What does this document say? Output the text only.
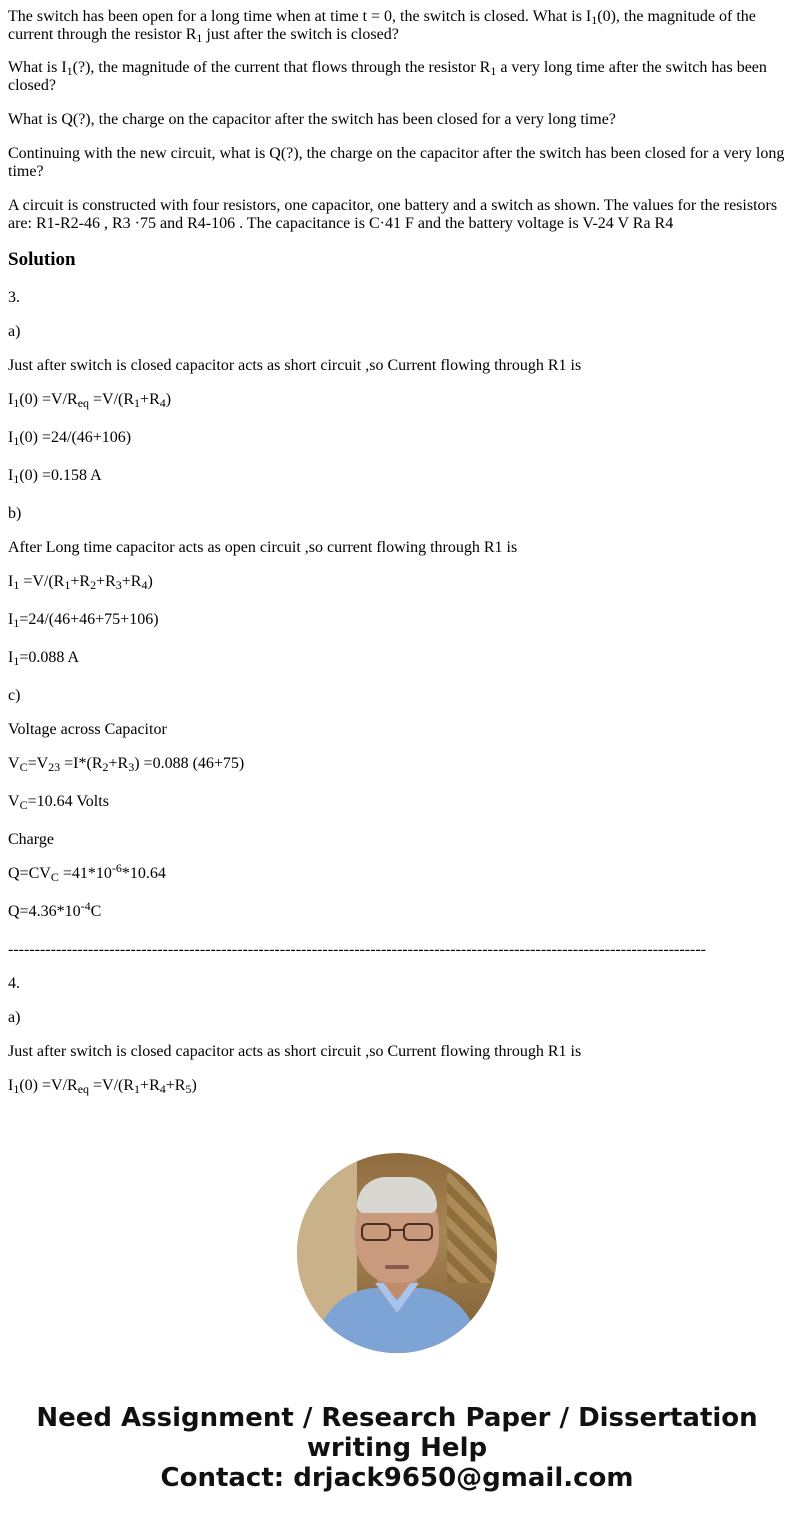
The switch has been open for a long time when at time t = 0, the switch is closed. What is $I_1(0)$, the magnitude of the current through the resistor $R_1$ just after the switch is closed?

What is $I_1(?)$, the magnitude of the current that flows through the resistor $R_1$ a very long time after the switch has been closed?

What is Q(?), the charge on the capacitor after the switch has been closed for a very long time?

Continuing with the new circuit, what is Q(?), the charge on the capacitor after the switch has been closed for a very long time?

A circuit is constructed with four resistors, one capacitor, one battery and a switch as shown. The values for the resistors are: R1-R2-46 , R3 ·75 and R4-106 . The capacitance is C·41 F and the battery voltage is V-24 V Ra R4

Solution

3.

a)

Just after switch is closed capacitor acts as short circuit ,so Current flowing through R1 is

$I_1(0) =V/R_{eq} =V/(R_1+R_4)$

$I_1(0) =24/(46+106)$

$I_1(0) =0.158$ A

b)

After Long time capacitor acts as open circuit ,so current flowing through R1 is

$I_1 =V/(R_1+R_2+R_3+R_4)$

$I_1=24/(46+46+75+106)$

$I_1=0.088$ A

c)

Voltage across Capacitor

$V_C=V_{23} =I*(R_2+R_3) =0.088$ (46+75)

$V_C=10.64$ Volts

Charge

$Q=CV_C =41*10^{-6}*10.64$

$Q=4.36*10^{-4}C$

-----------------------------------------------------------------------------------------------------------------------------------

4.

a)

Just after switch is closed capacitor acts as short circuit ,so Current flowing through R1 is

$I_1(0) =V/R_{eq} =V/(R_1+R_4+R_5)$

Need Assignment / Research Paper / Dissertation
writing Help
Contact: drjack9650@gmail.com
